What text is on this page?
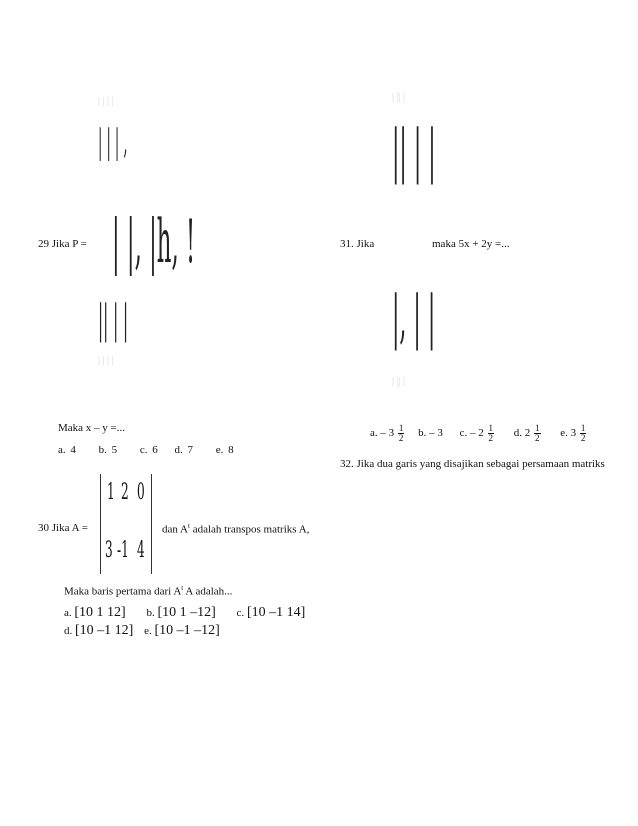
| | | |
| | | |
| | | ,
| |, |h, !
|| | |
29 Jika P =
Maka x – y =...
a. 4 b. 5 c. 6 d. 7 e. 8
30 Jika A =
1 2 0
3 -1 4
dan $A^t$ adalah transpos matriks A,
Maka baris pertama dari $A^t$ A adalah...
a. [10 1 12] b. [10 1 –12] c. [10 –1 14]
d. [10 –1 12] e. [10 –1 –12]
| || |
| || |
|| | |
|, | |
31. Jika	maka 5x + 2y =...
a. – $3 \frac{1}{2} b$. – 3 c. – $2 \frac{1}{2} d$. $2 \frac{1}{2} e$. $3 \frac{1}{2}$
32. Jika dua garis yang disajikan sebagai persamaan matriks
